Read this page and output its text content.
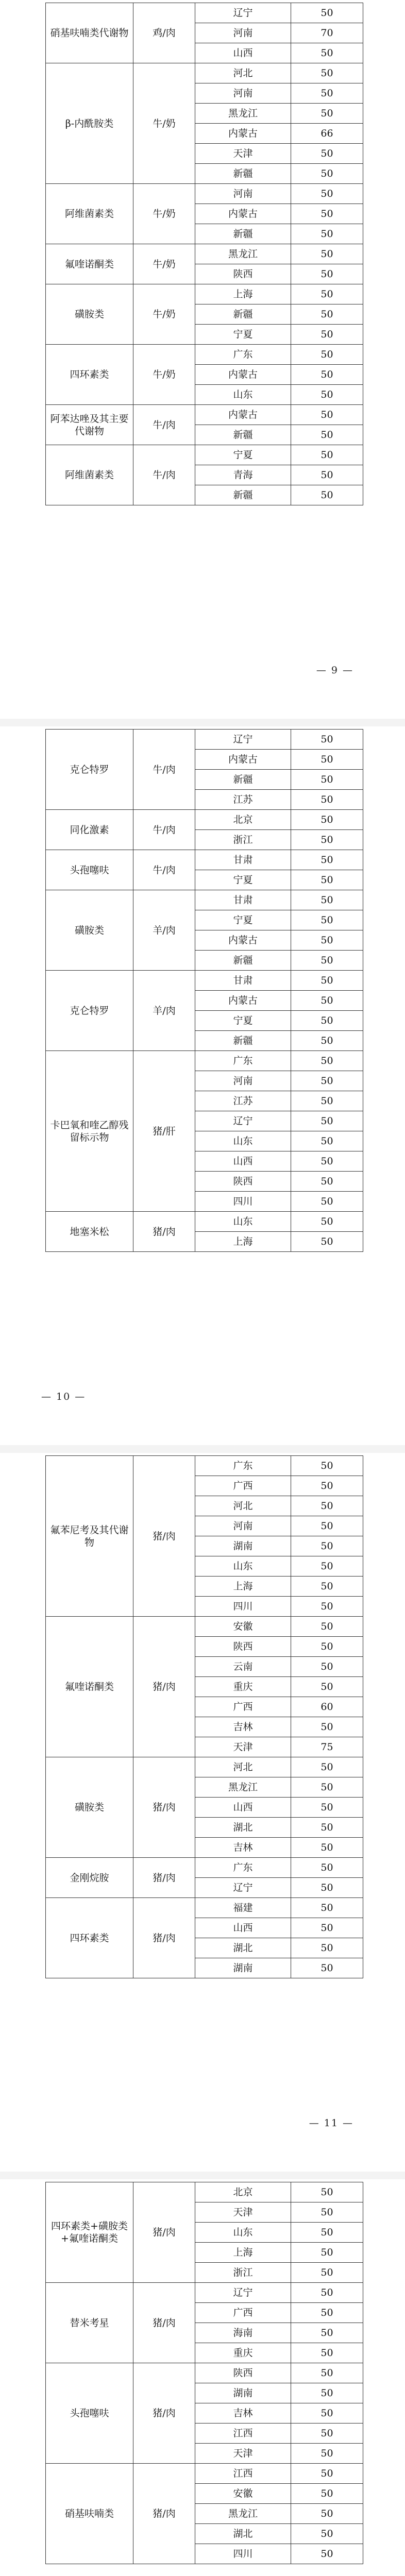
硝基呋喃类代谢物	鸡/肉	辽宁	50
		河南	70
		山西	50
β-内酰胺类	牛/奶	河北	50
		河南	50
		黑龙江	50
		内蒙古	66
		天津	50
		新疆	50
阿维菌素类	牛/奶	河南	50
		内蒙古	50
		新疆	50
氟喹诺酮类	牛/奶	黑龙江	50
		陕西	50
磺胺类	牛/奶	上海	50
		新疆	50
		宁夏	50
四环素类	牛/奶	广东	50
		内蒙古	50
		山东	50
阿苯达唑及其主要代谢物	牛/肉	内蒙古	50
		新疆	50
阿维菌素类	牛/肉	宁夏	50
		青海	50
		新疆	50
— 9 —
克仑特罗	牛/肉	辽宁	50
		内蒙古	50
		新疆	50
		江苏	50
同化激素	牛/肉	北京	50
		浙江	50
头孢噻呋	牛/肉	甘肃	50
		宁夏	50
磺胺类	羊/肉	甘肃	50
		宁夏	50
		内蒙古	50
		新疆	50
克仑特罗	羊/肉	甘肃	50
		内蒙古	50
		宁夏	50
		新疆	50
卡巴氧和喹乙醇残留标示物	猪/肝	广东	50
		河南	50
		江苏	50
		辽宁	50
		山东	50
		山西	50
		陕西	50
		四川	50
地塞米松	猪/肉	山东	50
		上海	50
— 10 —
氟苯尼考及其代谢物	猪/肉	广东	50
		广西	50
		河北	50
		河南	50
		湖南	50
		山东	50
		上海	50
		四川	50
氟喹诺酮类	猪/肉	安徽	50
		陕西	50
		云南	50
		重庆	50
		广西	60
		吉林	50
		天津	75
磺胺类	猪/肉	河北	50
		黑龙江	50
		山西	50
		湖北	50
		吉林	50
金刚烷胺	猪/肉	广东	50
		辽宁	50
四环素类	猪/肉	福建	50
		山西	50
		湖北	50
		湖南	50
— 11 —
四环素类+磺胺类+氟喹诺酮类	猪/肉	北京	50
		天津	50
		山东	50
		上海	50
		浙江	50
替米考星	猪/肉	辽宁	50
		广西	50
		海南	50
		重庆	50
头孢噻呋	猪/肉	陕西	50
		湖南	50
		吉林	50
		江西	50
		天津	50
硝基呋喃类	猪/肉	江西	50
		安徽	50
		黑龙江	50
		湖北	50
		四川	50
